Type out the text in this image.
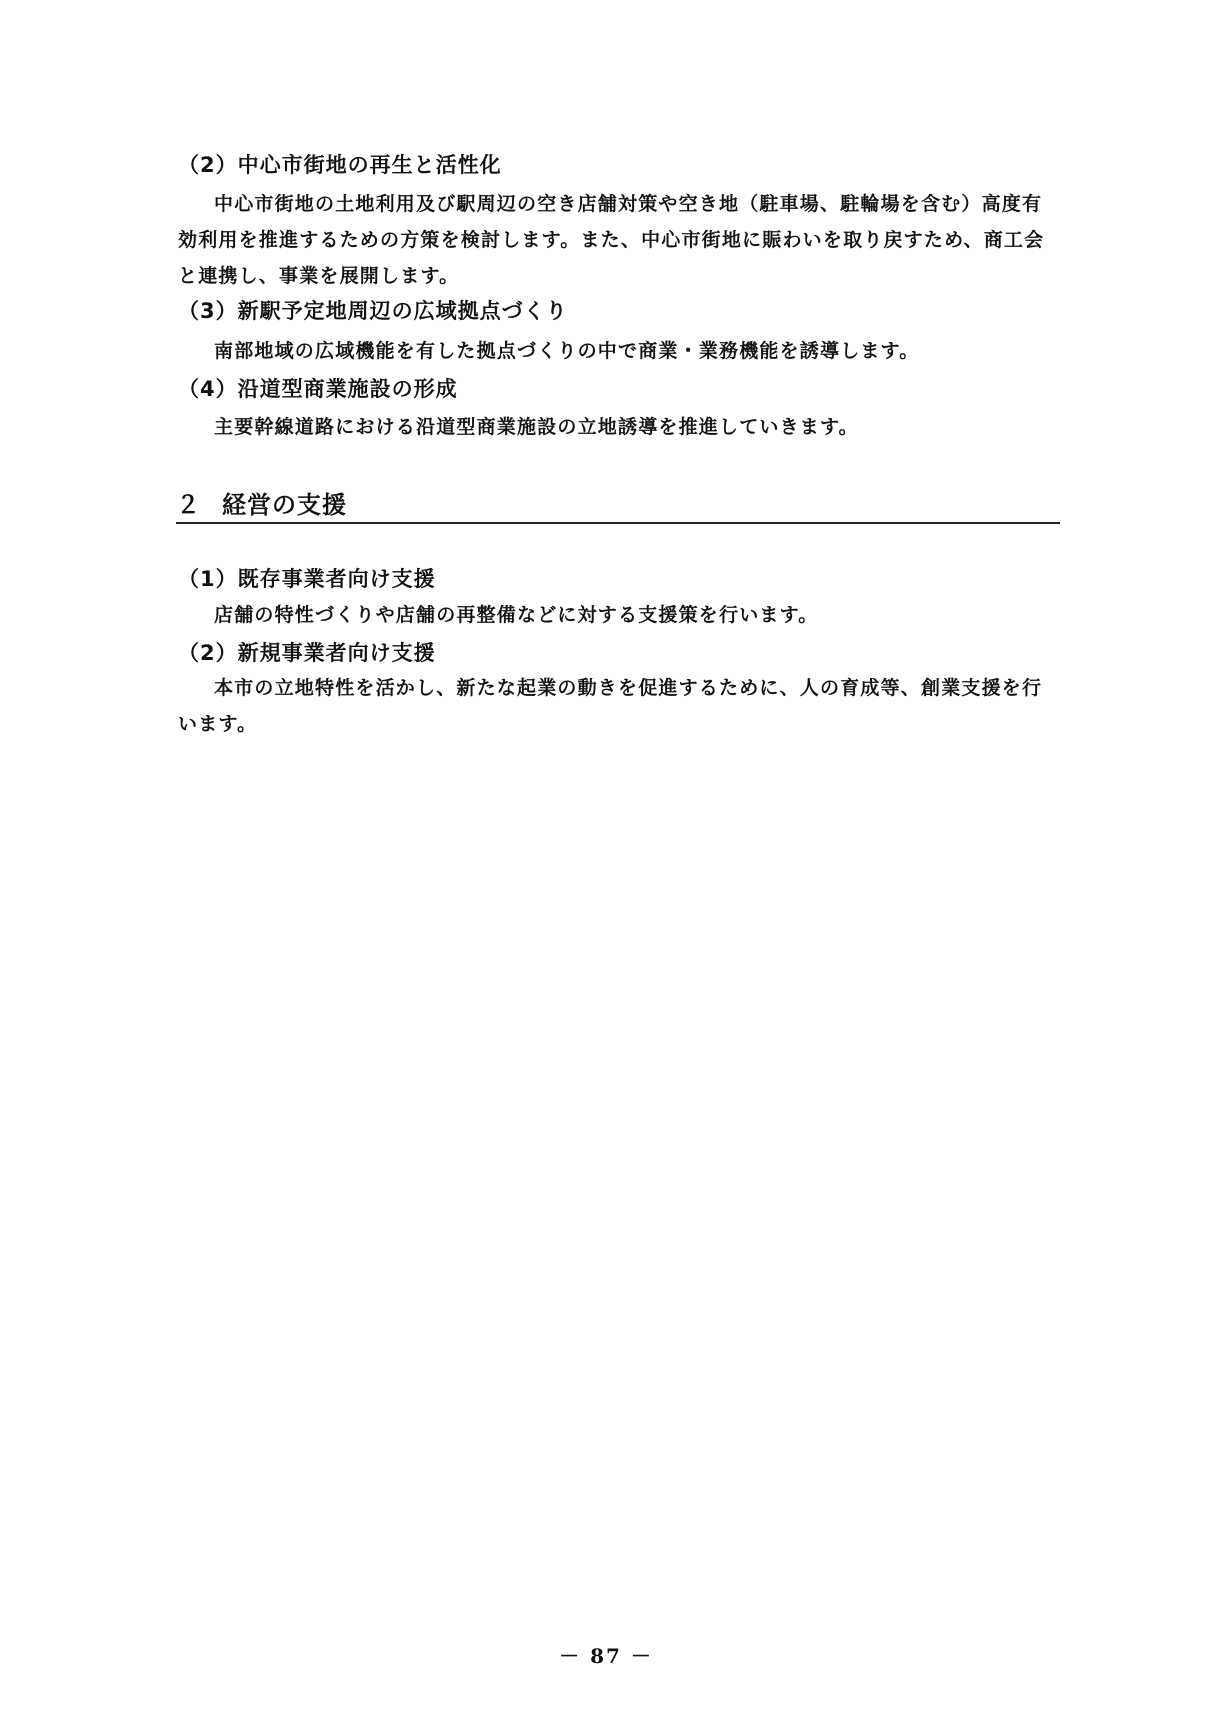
（2）中心市街地の再生と活性化
中心市街地の土地利用及び駅周辺の空き店舗対策や空き地（駐車場、駐輪場を含む）高度有効利用を推進するための方策を検討します。また、中心市街地に賑わいを取り戻すため、商工会と連携し、事業を展開します。
（3）新駅予定地周辺の広域拠点づくり
南部地域の広域機能を有した拠点づくりの中で商業・業務機能を誘導します。
（4）沿道型商業施設の形成
主要幹線道路における沿道型商業施設の立地誘導を推進していきます。
２ 経営の支援
（1）既存事業者向け支援
店舗の特性づくりや店舗の再整備などに対する支援策を行います。
（2）新規事業者向け支援
本市の立地特性を活かし、新たな起業の動きを促進するために、人の育成等、創業支援を行います。
－ 87 －
